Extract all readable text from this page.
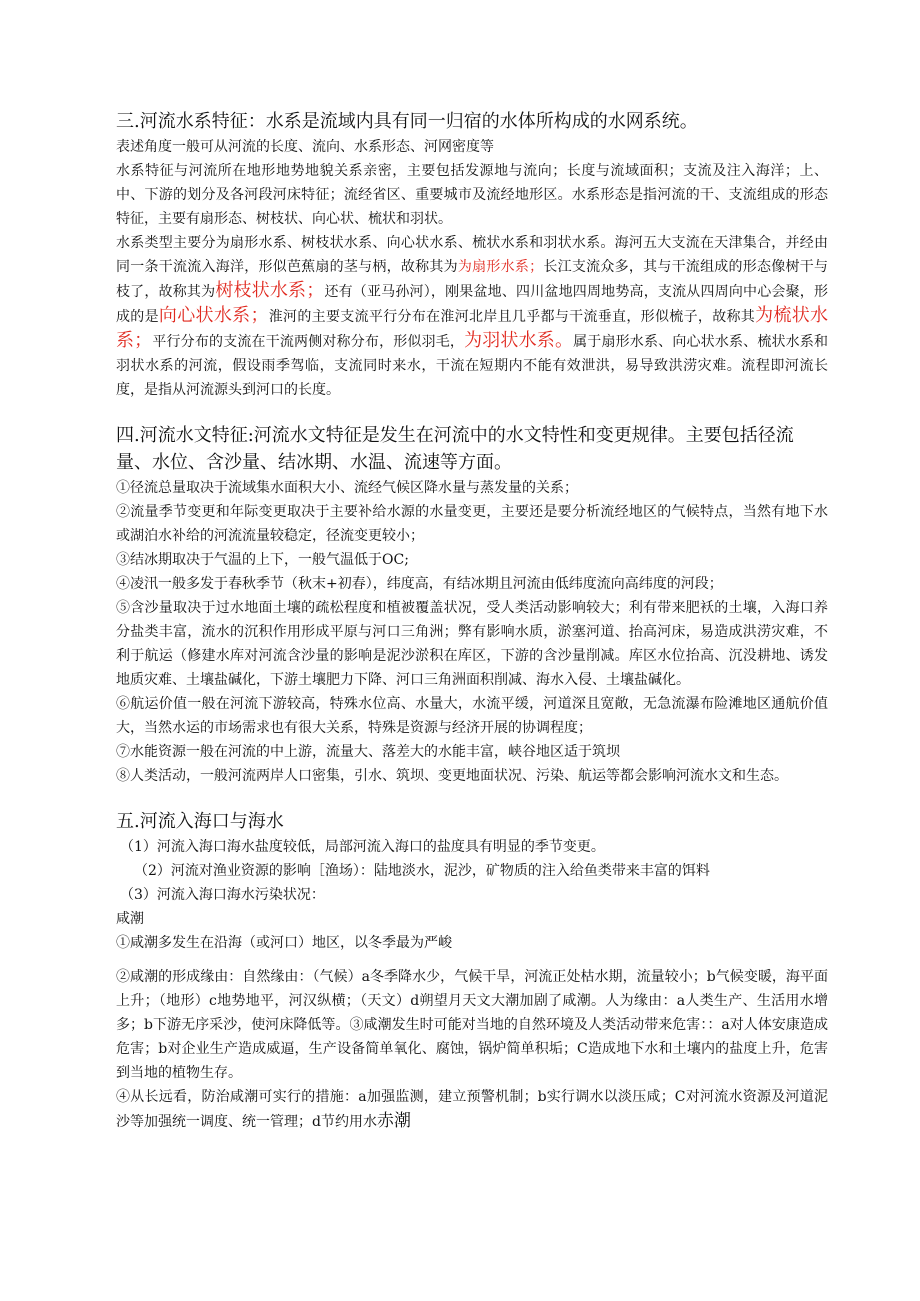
三.河流水系特征：水系是流域内具有同一归宿的水体所构成的水网系统。
表述角度一般可从河流的长度、流向、水系形态、河网密度等
水系特征与河流所在地形地势地貌关系亲密，主要包括发源地与流向；长度与流域面积；支流及注入海洋；上、中、下游的划分及各河段河床特征；流经省区、重要城市及流经地形区。水系形态是指河流的干、支流组成的形态特征，主要有扇形态、树枝状、向心状、梳状和羽状。
水系类型主要分为扇形水系、树枝状水系、向心状水系、梳状水系和羽状水系。海河五大支流在天津集合，并经由同一条干流流入海洋，形似芭蕉扇的茎与柄，故称其为为扇形水系；长江支流众多，其与干流组成的形态像树干与枝了，故称其为树枝状水系；还有（亚马孙河），刚果盆地、四川盆地四周地势高，支流从四周向中心会聚，形成的是向心状水系；淮河的主要支流平行分布在淮河北岸且几乎都与干流垂直，形似梳子，故称其为梳状水系；平行分布的支流在干流两侧对称分布，形似羽毛，为羽状水系。属于扇形水系、向心状水系、梳状水系和羽状水系的河流，假设雨季驾临，支流同时来水，干流在短期内不能有效泄洪，易导致洪涝灾难。流程即河流长度，是指从河流源头到河口的长度。
四.河流水文特征:河流水文特征是发生在河流中的水文特性和变更规律。主要包括径流量、水位、含沙量、结冰期、水温、流速等方面。
①径流总量取决于流域集水面积大小、流经气候区降水量与蒸发量的关系；
②流量季节变更和年际变更取决于主要补给水源的水量变更，主要还是要分析流经地区的气候特点，当然有地下水或湖泊水补给的河流流量较稳定，径流变更较小；
③结冰期取决于气温的上下，一般气温低于OC;
④凌汛一般多发于春秋季节（秋末+初春），纬度高，有结冰期且河流由低纬度流向高纬度的河段；
⑤含沙量取决于过水地面土壤的疏松程度和植被覆盖状况，受人类活动影响较大；利有带来肥袄的土壤，入海口养分盐类丰富，流水的沉积作用形成平原与河口三角洲；弊有影响水质，淤塞河道、抬高河床，易造成洪涝灾难，不利于航运（修建水库对河流含沙量的影响是泥沙淤积在库区，下游的含沙量削减。库区水位抬高、沉没耕地、诱发地质灾难、土壤盐碱化，下游土壤肥力下降、河口三角洲面积削减、海水入侵、土壤盐碱化。
⑥航运价值一般在河流下游较高，特殊水位高、水量大，水流平缓，河道深且宽敞，无急流瀑布险滩地区通航价值大，当然水运的市场需求也有很大关系，特殊是资源与经济开展的协调程度；
⑦水能资源一般在河流的中上游，流量大、落差大的水能丰富，峡谷地区适于筑坝
⑧人类活动，一般河流两岸人口密集，引水、筑坝、变更地面状况、污染、航运等都会影响河流水文和生态。
五.河流入海口与海水
（1）河流入海口海水盐度较低，局部河流入海口的盐度具有明显的季节变更。
（2）河流对渔业资源的影响［渔场）：陆地淡水，泥沙，矿物质的注入给鱼类带来丰富的饵料
（3）河流入海口海水污染状况：
咸潮
①咸潮多发生在沿海（或河口）地区，以冬季最为严峻
②咸潮的形成缘由：自然缘由：（气候）a冬季降水少，气候干旱，河流正处枯水期，流量较小；b气候变暖，海平面上升；（地形）c地势地平，河汉纵横；（天文）d朔望月天文大潮加剧了咸潮。人为缘由：a人类生产、生活用水增多；b下游无序采沙，使河床降低等。③咸潮发生时可能对当地的自然环境及人类活动带来危害：：a对人体安康造成危害；b对企业生产造成威逼，生产设备简单氧化、腐蚀，锅炉简单积垢；C造成地下水和土壤内的盐度上升，危害到当地的植物生存。
④从长远看，防治咸潮可实行的措施：a加强监测，建立预警机制；b实行调水以淡压咸；C对河流水资源及河道泥沙等加强统一调度、统一管理；d节约用水赤潮
